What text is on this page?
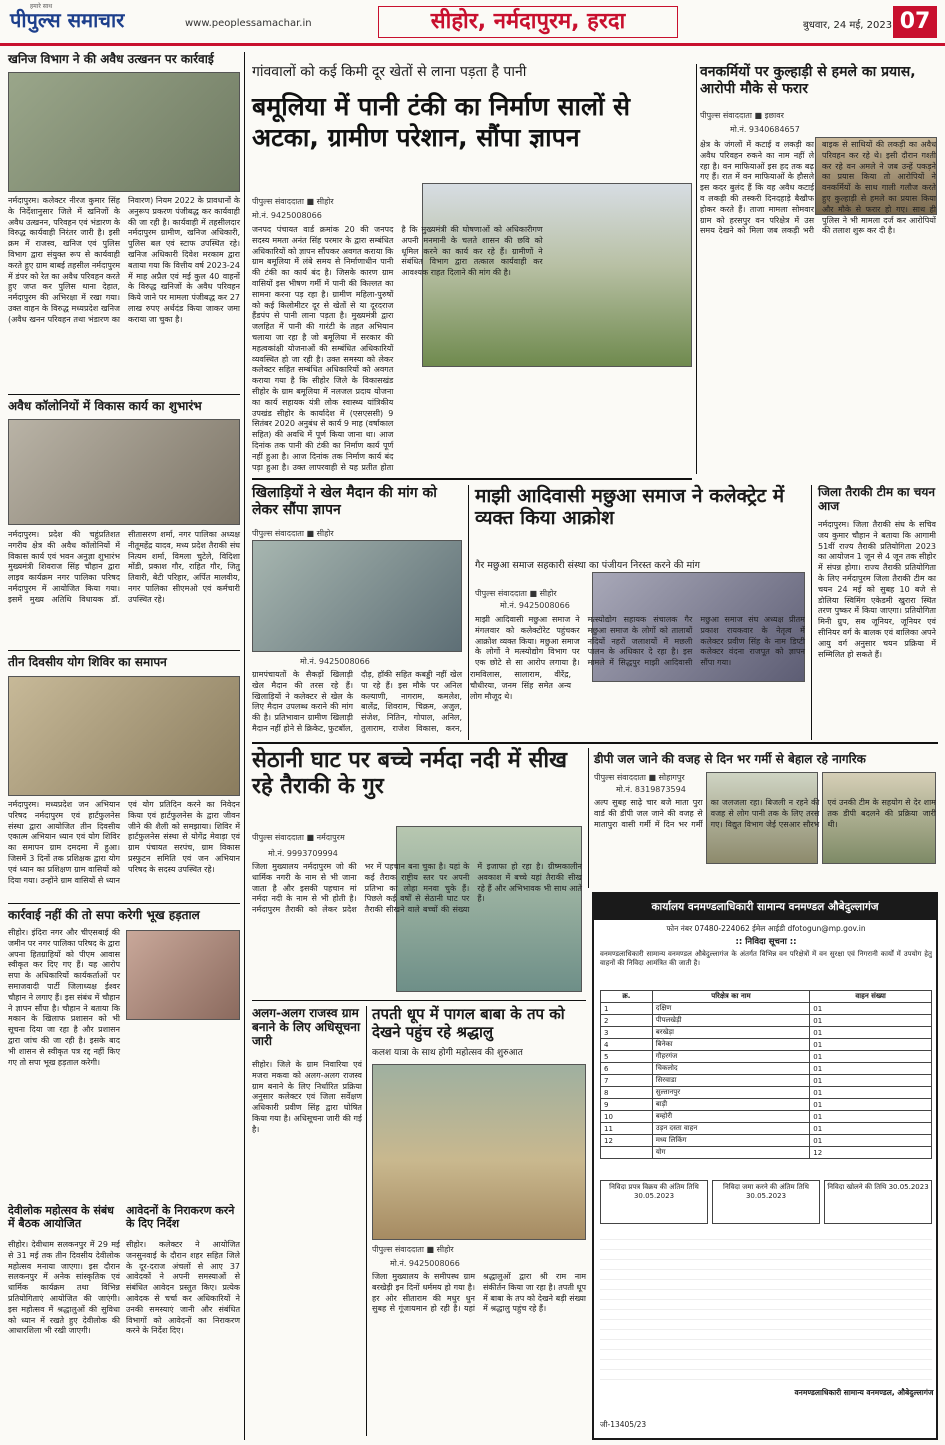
हमारे साथ
पीपुल्स समाचार	www.peoplessamachar.in	सीहोर, नर्मदापुरम, हरदा	बुधवार, 24 मई, 2023 07
खनिज विभाग ने की अवैध उत्खनन पर कार्रवाई
नर्मदापुरम। कलेक्टर नीरज कुमार सिंह के निर्देशानुसार जिले में खनिजों के अवैध उत्खनन, परिवहन एवं भंडारण के विरुद्ध कार्यवाही निरंतर जारी है। इसी क्रम में राजस्व, खनिज एवं पुलिस विभाग द्वारा संयुक्त रूप से कार्यवाही करते हुए ग्राम बाबई तहसील नर्मदापुरम में डंपर को रेत का अवैध परिवहन करते हुए जप्त कर पुलिस थाना देहात, नर्मदापुरम की अभिरक्षा में रखा गया। उक्त वाहन के विरुद्ध मध्यप्रदेश खनिज (अवैध खनन परिवहन तथा भंडारण का निवारण) नियम 2022 के प्रावधानों के अनुरूप प्रकरण पंजीबद्ध कर कार्यवाही की जा रही है। कार्यवाही में तहसीलदार नर्मदापुरम ग्रामीण, खनिज अधिकारी, पुलिस बल एवं स्टाफ उपस्थित रहे। खनिज अधिकारी दिवेश मरकाम द्वारा बताया गया कि वित्तीय वर्ष 2023-24 में माह अप्रैल एवं मई कुल 40 वाहनों के विरुद्ध खनिजों के अवैध परिवहन किये जाने पर मामला पंजीबद्ध कर 27 लाख रुपए अर्थदंड किया जाकर जमा कराया जा चुका है।
अवैध कॉलोनियों में विकास कार्य का शुभारंभ
नर्मदापुरम। प्रदेश की चहुंप्रतिशत नगरीय क्षेत्र की अवैध कॉलोनियों में विकास कार्य एवं भवन अनुज्ञा शुभारंभ मुख्यमंत्री शिवराज सिंह चौहान द्वारा लाइव कार्यक्रम नगर पालिका परिषद नर्मदापुरम में आयोजित किया गया। इसमें मुख्य अतिथि विधायक डॉ. सीतासरण शर्मा, नगर पालिका अध्यक्ष नीतूमहेंद्र यादव, मध्य प्रदेश तैराकी संघ नित्यम शर्मा, विमला चुटेले, विदिशा मोंडी, प्रकाश गौर, राहित गौर, जितु तिवारी, बेटी परिहार, अर्पित मालवीय, नगर पालिका सीएमओ एवं कर्मचारी उपस्थित रहे।
तीन दिवसीय योग शिविर का समापन
नर्मदापुरम। मध्यप्रदेश जन अभियान परिषद नर्मदापुरम एवं हार्टफुलनेस संस्था द्वारा आयोजित तीन दिवसीय एकात्म अभियान ध्यान एवं योग शिविर का समापन ग्राम दमदमा में हुआ। जिसमें 3 दिनों तक प्रशिक्षक द्वारा योग एवं ध्यान का प्रशिक्षण ग्राम वासियों को दिया गया। उन्होंने ग्राम वासियों से ध्यान एवं योग प्रतिदिन करने का निवेदन किया एवं हार्टफुलनेस के द्वारा जीवन जीने की शैली को समझाया। शिविर में हार्टफुलनेस संस्था से योगेंद्र मेवाड़ा एवं ग्राम पंचायत सरपंच, ग्राम विकास प्रस्फुटन समिति एवं जन अभियान परिषद के सदस्य उपस्थित रहे।
कार्रवाई नहीं की तो सपा करेगी भूख हड़ताल
सीहोर। इंदिरा नगर और चीएसबाई की जमीन पर नगर पालिका परिषद के द्वारा अपना हितग्राहियों को पीएम आवास स्वीकृत कर दिए गए हैं। यह आरोप सपा के अधिकारियों कार्यकर्ताओं पर समाजवादी पार्टी जिलाध्यक्ष ईश्वर चौहान ने लगाए हैं। इस संबंध में चौहान ने ज्ञापन सौंपा है। चौहान ने बताया कि मकान के खिलाफ प्रशासन को भी सूचना दिया जा रहा है और प्रशासन द्वारा जांच की जा रही है। इसके बाद भी शासन से स्वीकृत पत्र रद्द नहीं किए गए तो सपा भूख हड़ताल करेगी।
देवीलोक महोत्सव के संबंध में बैठक आयोजित
सीहोर। देवीधाम सलकनपुर में 29 मई से 31 मई तक तीन दिवसीय देवीलोक महोत्सव मनाया जाएगा। इस दौरान सलकनपुर में अनेक सांस्कृतिक एवं धार्मिक कार्यक्रम तथा विभिन्न प्रतियोगिताएं आयोजित की जाएंगी। इस महोत्सव में श्रद्धालुओं की सुविधा को ध्यान में रखते हुए देवीलोक की आधारशिला भी रखी जाएगी।
आवेदनों के निराकरण करने के दिए निर्देश
सीहोर। कलेक्टर ने आयोजित जनसुनवाई के दौरान शहर सहित जिले के दूर-दराज अंचलों से आए 37 आवेदकों ने अपनी समस्याओं से संबंधित आवेदन प्रस्तुत किए। प्रत्येक आवेदक से चर्चा कर अधिकारियों ने उनकी समस्याएं जानी और संबंधित विभागों को आवेदनों का निराकरण करने के निर्देश दिए।
गांववालों को कई किमी दूर खेतों से लाना पड़ता है पानी
बमूलिया में पानी टंकी का निर्माण सालों से अटका, ग्रामीण परेशान, सौंपा ज्ञापन
पीपुल्स संवाददाता ■ सीहोर
मो.नं. 9425008066
जनपद पंचायत वार्ड क्रमांक 20 की जनपद सदस्य ममता अनंत सिंह परमार के द्वारा सम्बंधित अधिकारियों को ज्ञापन सौंपकर अवगत कराया कि ग्राम बमूलिया में लंबे समय से निर्माणाधीन पानी की टंकी का कार्य बंद है। जिसके कारण ग्राम वासियों इस भीषण गर्मी में पानी की किल्लत का सामना करना पड़ रहा है। ग्रामीण महिला-पुरुषों को कई किलोमीटर दूर से खेतों से या दूरदराज हैंडपंप से पानी लाना पड़ता है। मुख्यमंत्री द्वारा जलहित में पानी की गारंटी के तहत अभियान चलाया जा रहा है जो बमूलिया में सरकार की महत्वकांक्षी योजनाओं की सम्बंधित अधिकारियों व्यवस्थित हो जा रही है। उक्त समस्या को लेकर कलेक्टर सहित सम्बंधित अधिकारियों को अवगत कराया गया है कि सीहोर जिले के विकासखंड सीहोर के ग्राम बमूलिया में नलजल प्रदाय योजना का कार्य सहायक यंत्री लोक स्वास्थ्य यांत्रिकीय उपखंड सीहोर के कार्यादेश में (एसएससी) 9 सितंबर 2020 अनुबंध से कार्य 9 माह (वर्षाकाल सहित) की अवधि में पूर्ण किया जाना था। आज दिनांक तक पानी की टंकी का निर्माण कार्य पूर्ण नहीं हुआ है। आज दिनांक तक निर्माण कार्य बंद पड़ा हुआ है। उक्त लापरवाही से यह प्रतीत होता है कि मुख्यमंत्री की घोषणाओं को अधिकारीगण अपनी मनमानी के चलते शासन की छवि को धूमिल करने का कार्य कर रहे हैं। ग्रामीणों ने संबंधित विभाग द्वारा तत्काल कार्यवाही कर आवश्यक राहत दिलाने की मांग की है।
वनकर्मियों पर कुल्हाड़ी से हमले का प्रयास, आरोपी मौके से फरार
पीपुल्स संवाददाता ■ इछावर
मो.नं. 9340684657
क्षेत्र के जंगलों में कटाई व लकड़ी का अवैध परिवहन रुकने का नाम नहीं ले रहा है। वन माफियाओं इस हद तक बढ़ गए हैं। रात में वन माफियाओं के हौसले इस कदर बुलंद हैं कि वह अवैध कटाई व लकड़ी की तस्करी दिनदहाड़े बैखौफ होकर करते हैं। ताजा मामला सोमवार ग्राम को हरसपुर वन परिक्षेत्र में उस समय देखने को मिला जब लकड़ी भरी बाइक से साथियों की लकड़ी का अवैध परिवहन कर रहे थे। इसी दौरान गश्ती कर रहे वन अमले ने जब उन्हें पकड़ने का प्रयास किया तो आरोपियों ने वनकर्मियों के साथ गाली गलौज करते हुए कुल्हाड़ी से हमले का प्रयास किया और मौके से फरार हो गए। साथ ही पुलिस ने भी मामला दर्ज कर आरोपियों की तलाश शुरू कर दी है।
खिलाड़ियों ने खेल मैदान की मांग को लेकर सौंपा ज्ञापन
पीपुल्स संवाददाता ■ सीहोर
मो.नं. 9425008066
ग्रामपंचायतों के सैकड़ों खिलाड़ी खेल मैदान की तरस रहे हैं। खिलाड़ियों ने कलेक्टर से खेल के लिए मैदान उपलब्ध कराने की मांग की है। प्रतिभावान ग्रामीण खिलाड़ी मैदान नहीं होने से क्रिकेट, फुटबॉल, दौड़, हॉकी सहित कबड्डी नहीं खेल पा रहे हैं। इस मौके पर अनिल कल्याणी, नागराम, कमलेश, बालेंद्र, शिवराम, चिक्रम, अजुल, संजेश, नितिन, गोपाल, अनिल, तुलाराम, राजेश विकास, करन, रामविलास, सालाराम, वीरेंद्र, चौधीरया, जनम सिंह समेत अन्य लोग मौजूद थे।
माझी आदिवासी मछुआ समाज ने कलेक्ट्रेट में व्यक्त किया आक्रोश
गैर मछुआ समाज सहकारी संस्था का पंजीयन निरस्त करने की मांग
पीपुल्स संवाददाता ■ सीहोर
मो.नं. 9425008066
माझी आदिवासी मछुआ समाज ने मंगलवार को कलेक्टोरेट पहुंचकर आक्रोश व्यक्त किया। मछुआ समाज के लोगों ने मत्स्योद्योग विभाग पर एक छोटे से सा आरोप लगाया है। मत्स्योद्योग सहायक संचालक गैर मछुआ समाज के लोगों को तालाबों नदियों नहरों जलाशयों में मछली पालन के अधिकार दे रहा है। इस मामले में सिद्धपुर माझी आदिवासी मछुआ समाज संघ अध्यक्ष प्रीतम प्रकाश रायकवार के नेतृत्व में कलेक्टर प्रवीण सिंह के नाम डिप्टी कलेक्टर वंदना राजपूत को ज्ञापन सौंपा गया।
जिला तैराकी टीम का चयन आज
नर्मदापुरम। जिला तैराकी संघ के सचिव जय कुमार चौहान ने बताया कि आगामी 51वीं राज्य तैराकी प्रतियोगिता 2023 का आयोजन 1 जून से 4 जून तक सीहोर में संपन्न होगा। राज्य तैराकी प्रतियोगिता के लिए नर्मदापुरम जिला तैराकी टीम का चयन 24 मई को सुबह 10 बजे से डोलिया स्विमिंग एकेडमी खुरारा स्थित तरण पुष्कर में किया जाएगा। प्रतियोगिता मिनी ग्रुप, सब जूनियर, जूनियर एवं सीनियर वर्ग के बालक एवं बालिका अपने आयु वर्ग अनुसार चयन प्रक्रिया में सम्मिलित हो सकते हैं।
सेठानी घाट पर बच्चे नर्मदा नदी में सीख रहे तैराकी के गुर
पीपुल्स संवाददाता ■ नर्मदापुरम
मो.नं. 9993709994
जिला मुख्यालय नर्मदापुरम जो की धार्मिक नगरी के नाम से भी जाना जाता है और इसकी पहचान मां नर्मदा नदी के नाम से भी होती है। नर्मदापुरम तैराकी को लेकर प्रदेश भर में पहचान बना चुका है। यहां के कई तैराक राष्ट्रीय स्तर पर अपनी प्रतिभा का लोहा मनवा चुके हैं। पिछले कई वर्षों से सेठानी घाट पर तैराकी सीखने वाले बच्चों की संख्या में इजाफा हो रहा है। ग्रीष्मकालीन अवकाश में बच्चे यहां तैराकी सीख रहे हैं और अभिभावक भी साथ आते हैं।
डीपी जल जाने की वजह से दिन भर गर्मी से बेहाल रहे नागरिक
पीपुल्स संवाददाता ■ सोहागपुर
मो.नं. 8319873594
अल्प सुबह साढ़े चार बजे माता पुरा वार्ड की डीपी जल जाने की वजह से मातापुरा वासी गर्मी में दिन भर गर्मी का जलजला रहा। बिजली न रहने की वजह से लोग पानी तक के लिए तरस गए। विद्युत विभाग जेई एसआर सौरभ एवं उनकी टीम के सहयोग से देर शाम तक डीपी बदलने की प्रक्रिया जारी थी।
कार्यालय वनमण्डलाधिकारी सामान्य वनमण्डल औबेदुल्लागंज
फोन नंबर 07480-224062 ईमेल आईडी dfotogun@mp.gov.in
:: निविदा सूचना ::
वनमण्डलाधिकारी सामान्य वनमण्डल औबेदुल्लागंज के अंतर्गत विभिन्न वन परिक्षेत्रों में वन सुरक्षा एवं निगरानी कार्यों में उपयोग हेतु वाहनों की निविदा आमंत्रित की जाती है।
क्र.	परिक्षेत्र का नाम	वाहन संख्या
1	दक्षिण	01
2	पीपलखेड़ी	01
3	बरखेड़ा	01
4	बिनेका	01
5	गौहरगंज	01
6	चिकलोद	01
7	सिरवाडा	01
8	सुल्तानपुर	01
9	बाड़ी	01
10	बम्होरी	01
11	उड़न दस्ता वाहन	01
12	मध्य लिकिंग	01
	योग	12
निविदा प्रपत्र विक्रय की अंतिम तिथि 30.05.2023
निविदा जमा करने की अंतिम तिथि 30.05.2023
निविदा खोलने की तिथि 30.05.2023
वनमण्डलाधिकारी सामान्य वनमण्डल, औबेदुल्लागंज
जी-13405/23
अलग-अलग राजस्व ग्राम बनाने के लिए अधिसूचना जारी
सीहोर। जिले के ग्राम निवारिया एवं मजरा मकवा को अलग-अलग राजस्व ग्राम बनाने के लिए निर्धारित प्रक्रिया अनुसार कलेक्टर एवं जिला सर्वेक्षण अधिकारी प्रवीण सिंह द्वारा घोषित किया गया है। अधिसूचना जारी की गई है।
तपती धूप में पागल बाबा के तप को देखने पहुंच रहे श्रद्धालु
कलश यात्रा के साथ होगी महोत्सव की शुरुआत
पीपुल्स संवाददाता ■ सीहोर
मो.नं. 9425008066
जिला मुख्यालय के समीपस्थ ग्राम बरखेड़ी इन दिनों धर्ममय हो गया है। हर ओर सीताराम की मधुर धुन सुबह से गूंजायमान हो रही है। यहां श्रद्धालुओं द्वारा श्री राम नाम संकीर्तन किया जा रहा है। तपती धूप में बाबा के तप को देखने बड़ी संख्या में श्रद्धालु पहुंच रहे हैं।
